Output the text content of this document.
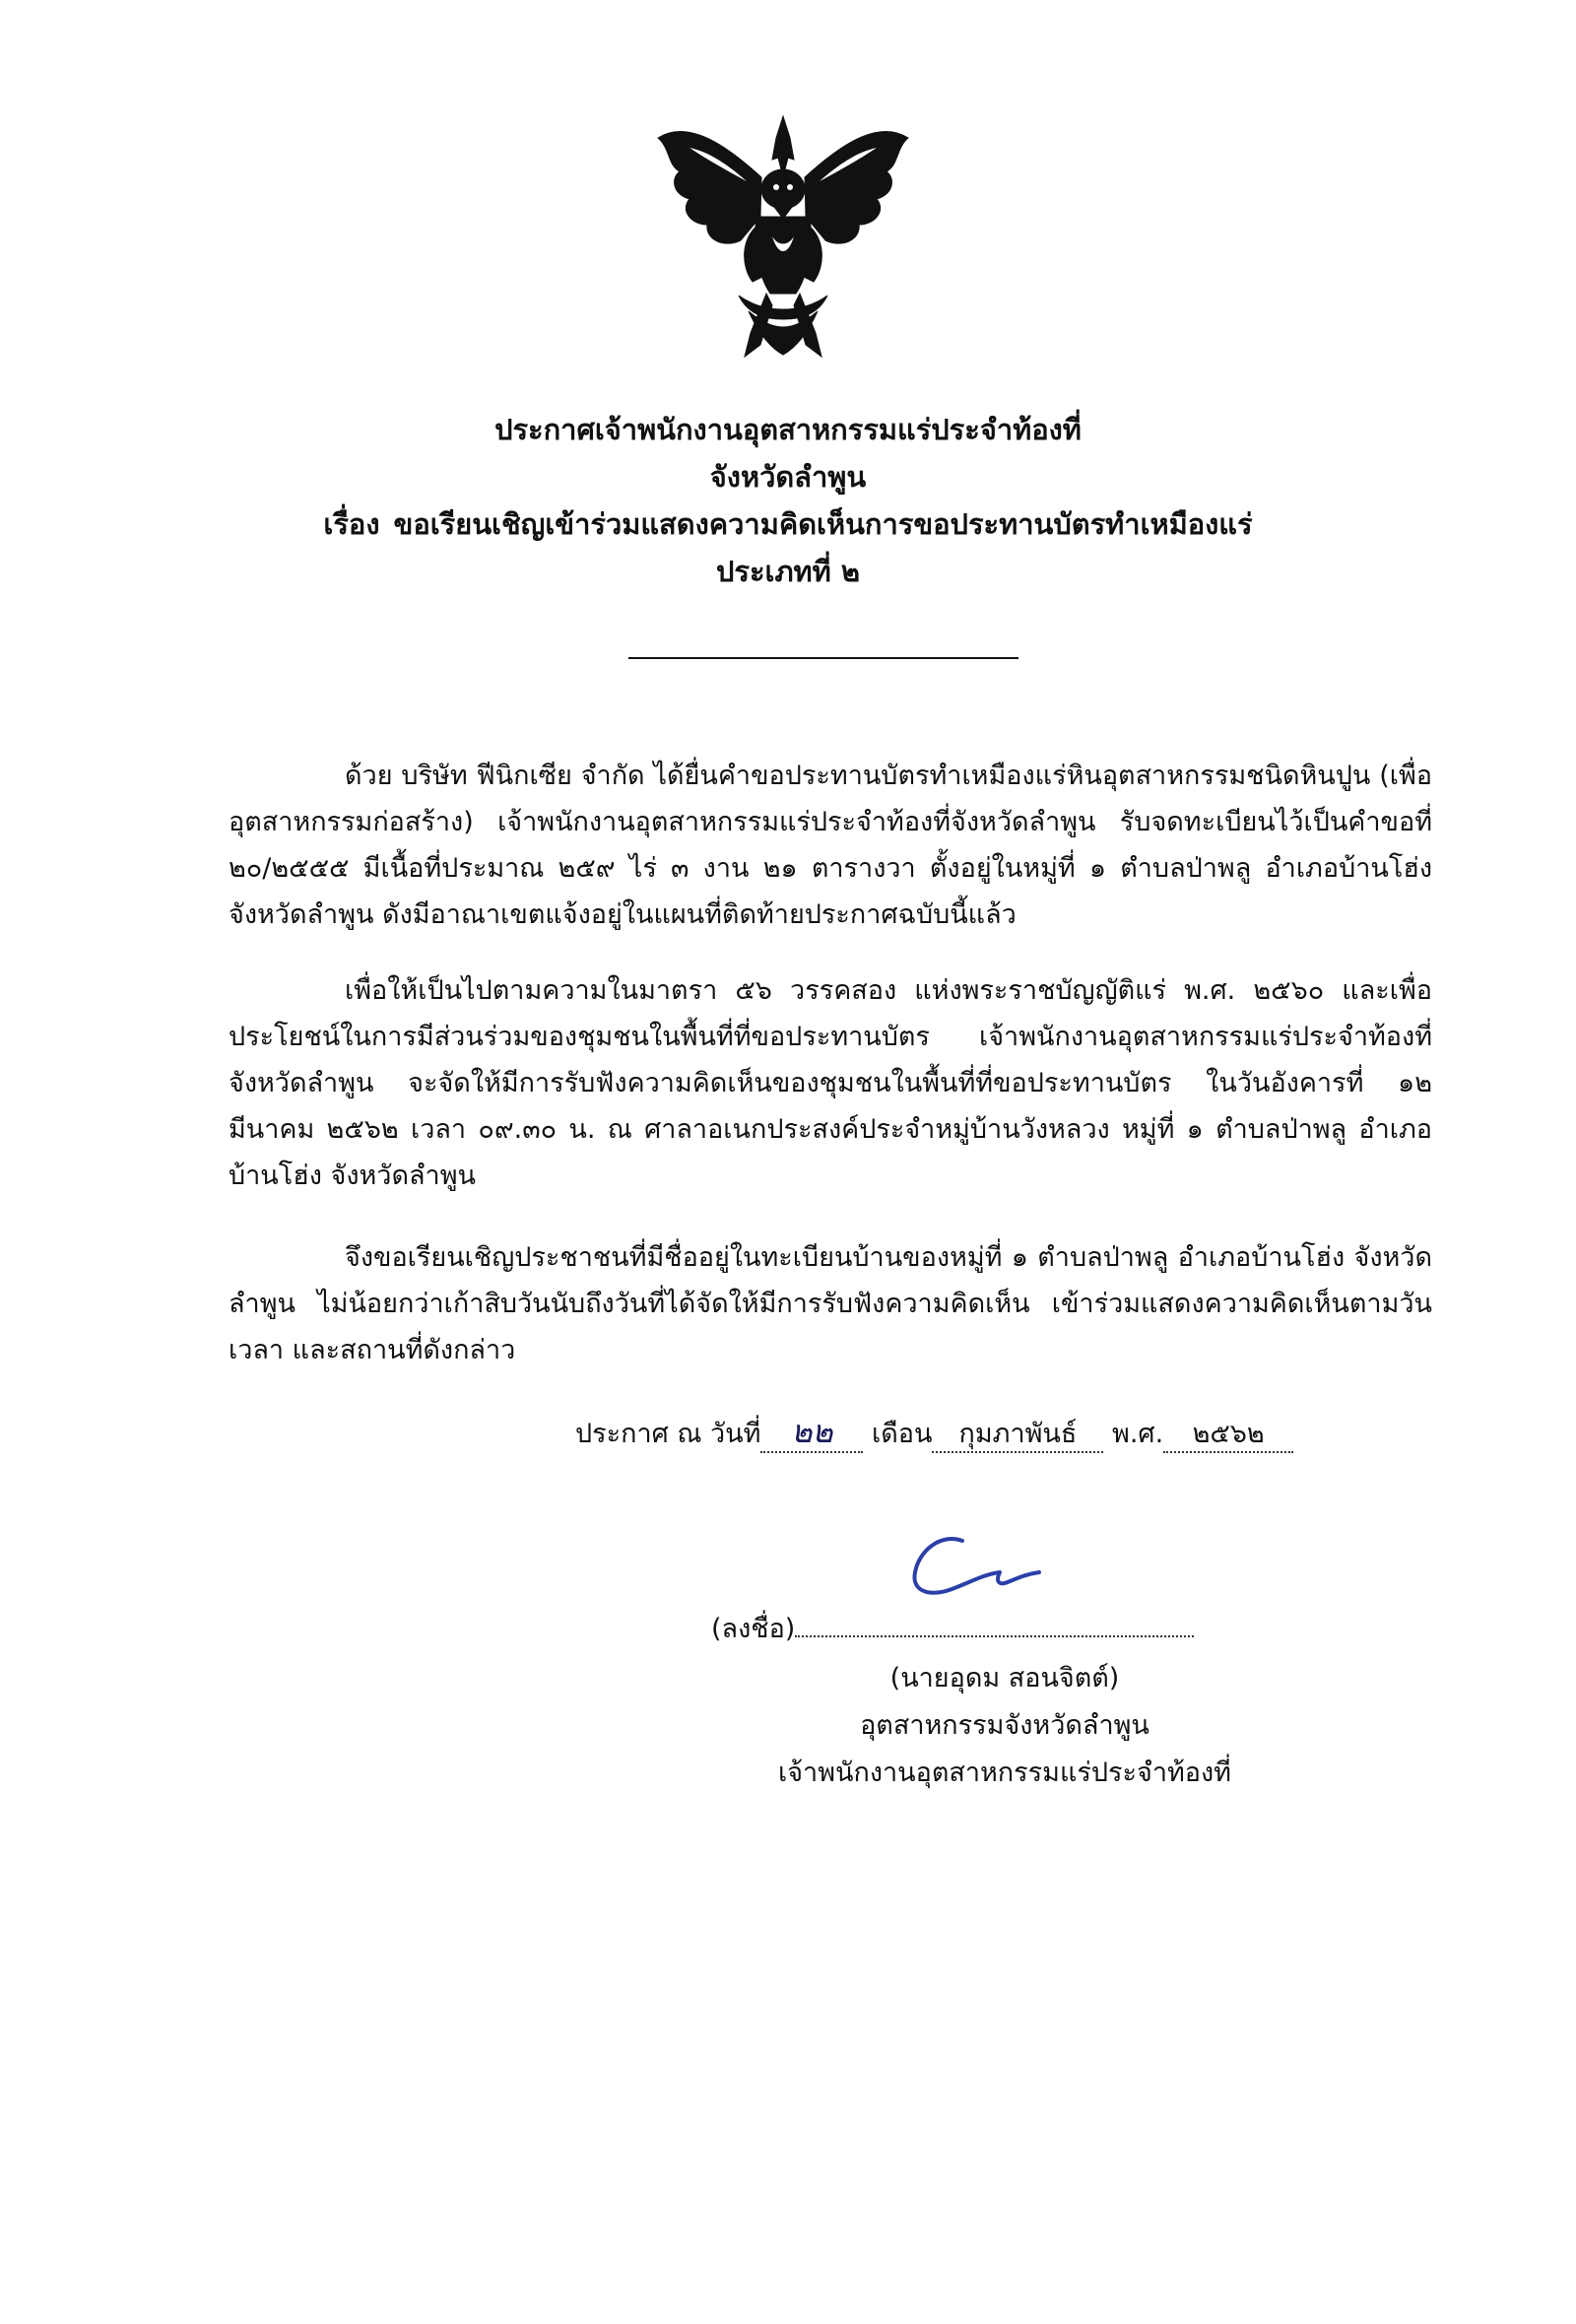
ประกาศเจ้าพนักงานอุตสาหกรรมแร่ประจำท้องที่
จังหวัดลำพูน
เรื่อง ขอเรียนเชิญเข้าร่วมแสดงความคิดเห็นการขอประทานบัตรทำเหมืองแร่
ประเภทที่ ๒

ด้วย บริษัท ฟีนิกเซีย จำกัด ได้ยื่นคำขอประทานบัตรทำเหมืองแร่หินอุตสาหกรรมชนิดหินปูน (เพื่ออุตสาหกรรมก่อสร้าง) เจ้าพนักงานอุตสาหกรรมแร่ประจำท้องที่จังหวัดลำพูน รับจดทะเบียนไว้เป็นคำขอที่ ๒๐/๒๕๕๕ มีเนื้อที่ประมาณ ๒๕๙ ไร่ ๓ งาน ๒๑ ตารางวา ตั้งอยู่ในหมู่ที่ ๑ ตำบลป่าพลู อำเภอบ้านโฮ่ง จังหวัดลำพูน ดังมีอาณาเขตแจ้งอยู่ในแผนที่ติดท้ายประกาศฉบับนี้แล้ว

เพื่อให้เป็นไปตามความในมาตรา ๕๖ วรรคสอง แห่งพระราชบัญญัติแร่ พ.ศ. ๒๕๖๐ และเพื่อประโยชน์ในการมีส่วนร่วมของชุมชนในพื้นที่ที่ขอประทานบัตร เจ้าพนักงานอุตสาหกรรมแร่ประจำท้องที่จังหวัดลำพูน จะจัดให้มีการรับฟังความคิดเห็นของชุมชนในพื้นที่ที่ขอประทานบัตร ในวันอังคารที่ ๑๒ มีนาคม ๒๕๖๒ เวลา ๐๙.๓๐ น. ณ ศาลาอเนกประสงค์ประจำหมู่บ้านวังหลวง หมู่ที่ ๑ ตำบลป่าพลู อำเภอบ้านโฮ่ง จังหวัดลำพูน

จึงขอเรียนเชิญประชาชนที่มีชื่ออยู่ในทะเบียนบ้านของหมู่ที่ ๑ ตำบลป่าพลู อำเภอบ้านโฮ่ง จังหวัดลำพูน ไม่น้อยกว่าเก้าสิบวันนับถึงวันที่ได้จัดให้มีการรับฟังความคิดเห็น เข้าร่วมแสดงความคิดเห็นตามวัน เวลา และสถานที่ดังกล่าว

ประกาศ ณ วันที่ ๒๒ เดือน กุมภาพันธ์ พ.ศ. ๒๕๖๒
(ลงชื่อ)
(นายอุดม สอนจิตต์)
อุตสาหกรรมจังหวัดลำพูน
เจ้าพนักงานอุตสาหกรรมแร่ประจำท้องที่
